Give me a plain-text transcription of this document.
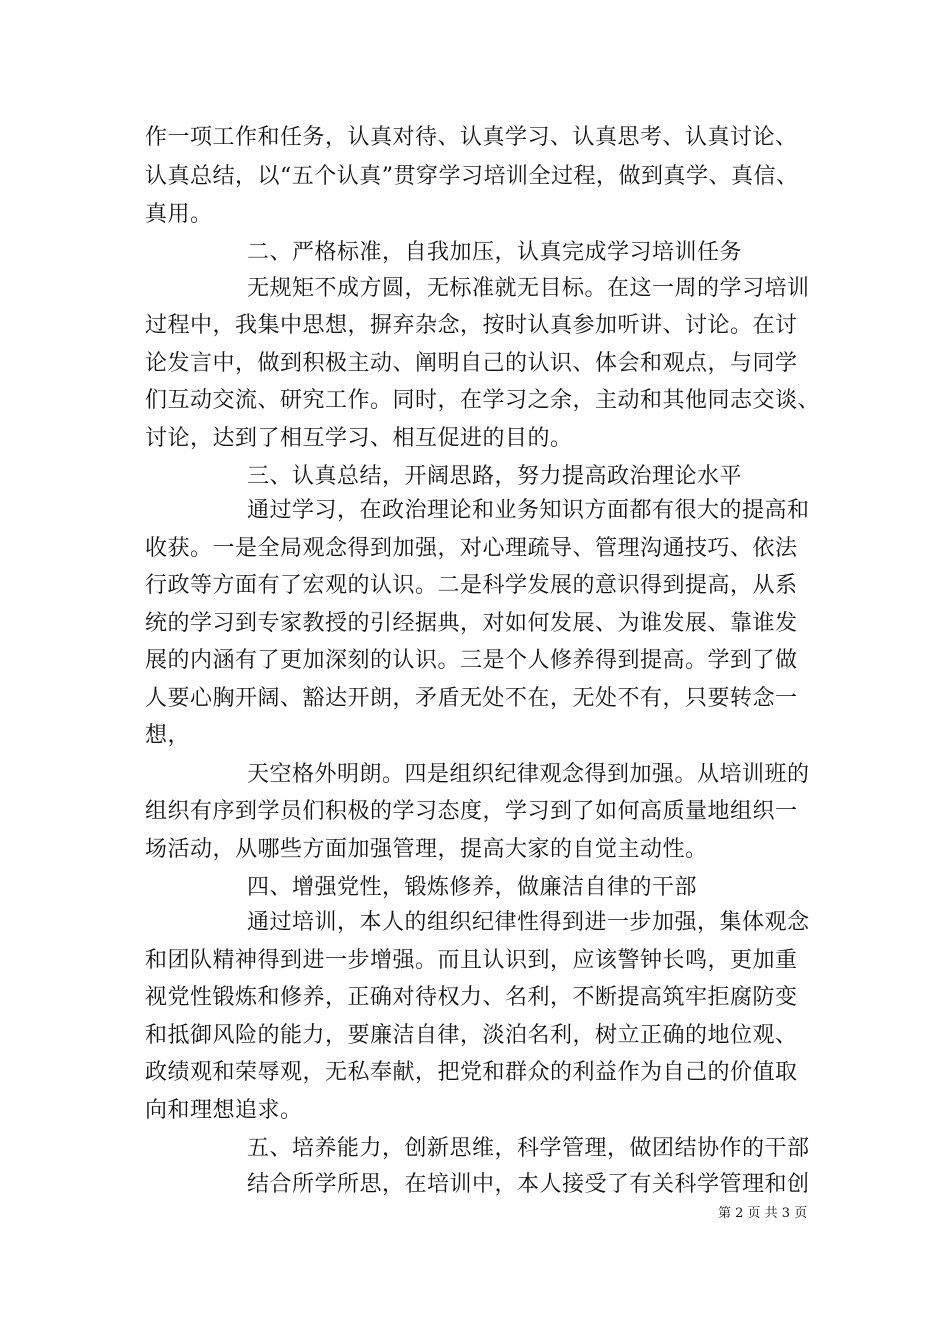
作一项工作和任务，认真对待、认真学习、认真思考、认真讨论、
认真总结，以“五个认真”贯穿学习培训全过程，做到真学、真信、
真用。
二、严格标准，自我加压，认真完成学习培训任务
无规矩不成方圆，无标准就无目标。在这一周的学习培训
过程中，我集中思想，摒弃杂念，按时认真参加听讲、讨论。在讨
论发言中，做到积极主动、阐明自己的认识、体会和观点，与同学
们互动交流、研究工作。同时，在学习之余，主动和其他同志交谈、
讨论，达到了相互学习、相互促进的目的。
三、认真总结，开阔思路，努力提高政治理论水平
通过学习，在政治理论和业务知识方面都有很大的提高和
收获。一是全局观念得到加强，对心理疏导、管理沟通技巧、依法
行政等方面有了宏观的认识。二是科学发展的意识得到提高，从系
统的学习到专家教授的引经据典，对如何发展、为谁发展、靠谁发
展的内涵有了更加深刻的认识。三是个人修养得到提高。学到了做
人要心胸开阔、豁达开朗，矛盾无处不在，无处不有，只要转念一
想，
天空格外明朗。四是组织纪律观念得到加强。从培训班的
组织有序到学员们积极的学习态度，学习到了如何高质量地组织一
场活动，从哪些方面加强管理，提高大家的自觉主动性。
四、增强党性，锻炼修养，做廉洁自律的干部
通过培训，本人的组织纪律性得到进一步加强，集体观念
和团队精神得到进一步增强。而且认识到，应该警钟长鸣，更加重
视党性锻炼和修养，正确对待权力、名利，不断提高筑牢拒腐防变
和抵御风险的能力，要廉洁自律，淡泊名利，树立正确的地位观、
政绩观和荣辱观，无私奉献，把党和群众的利益作为自己的价值取
向和理想追求。
五、培养能力，创新思维，科学管理，做团结协作的干部
结合所学所思，在培训中，本人接受了有关科学管理和创
第 2 页 共 3 页
